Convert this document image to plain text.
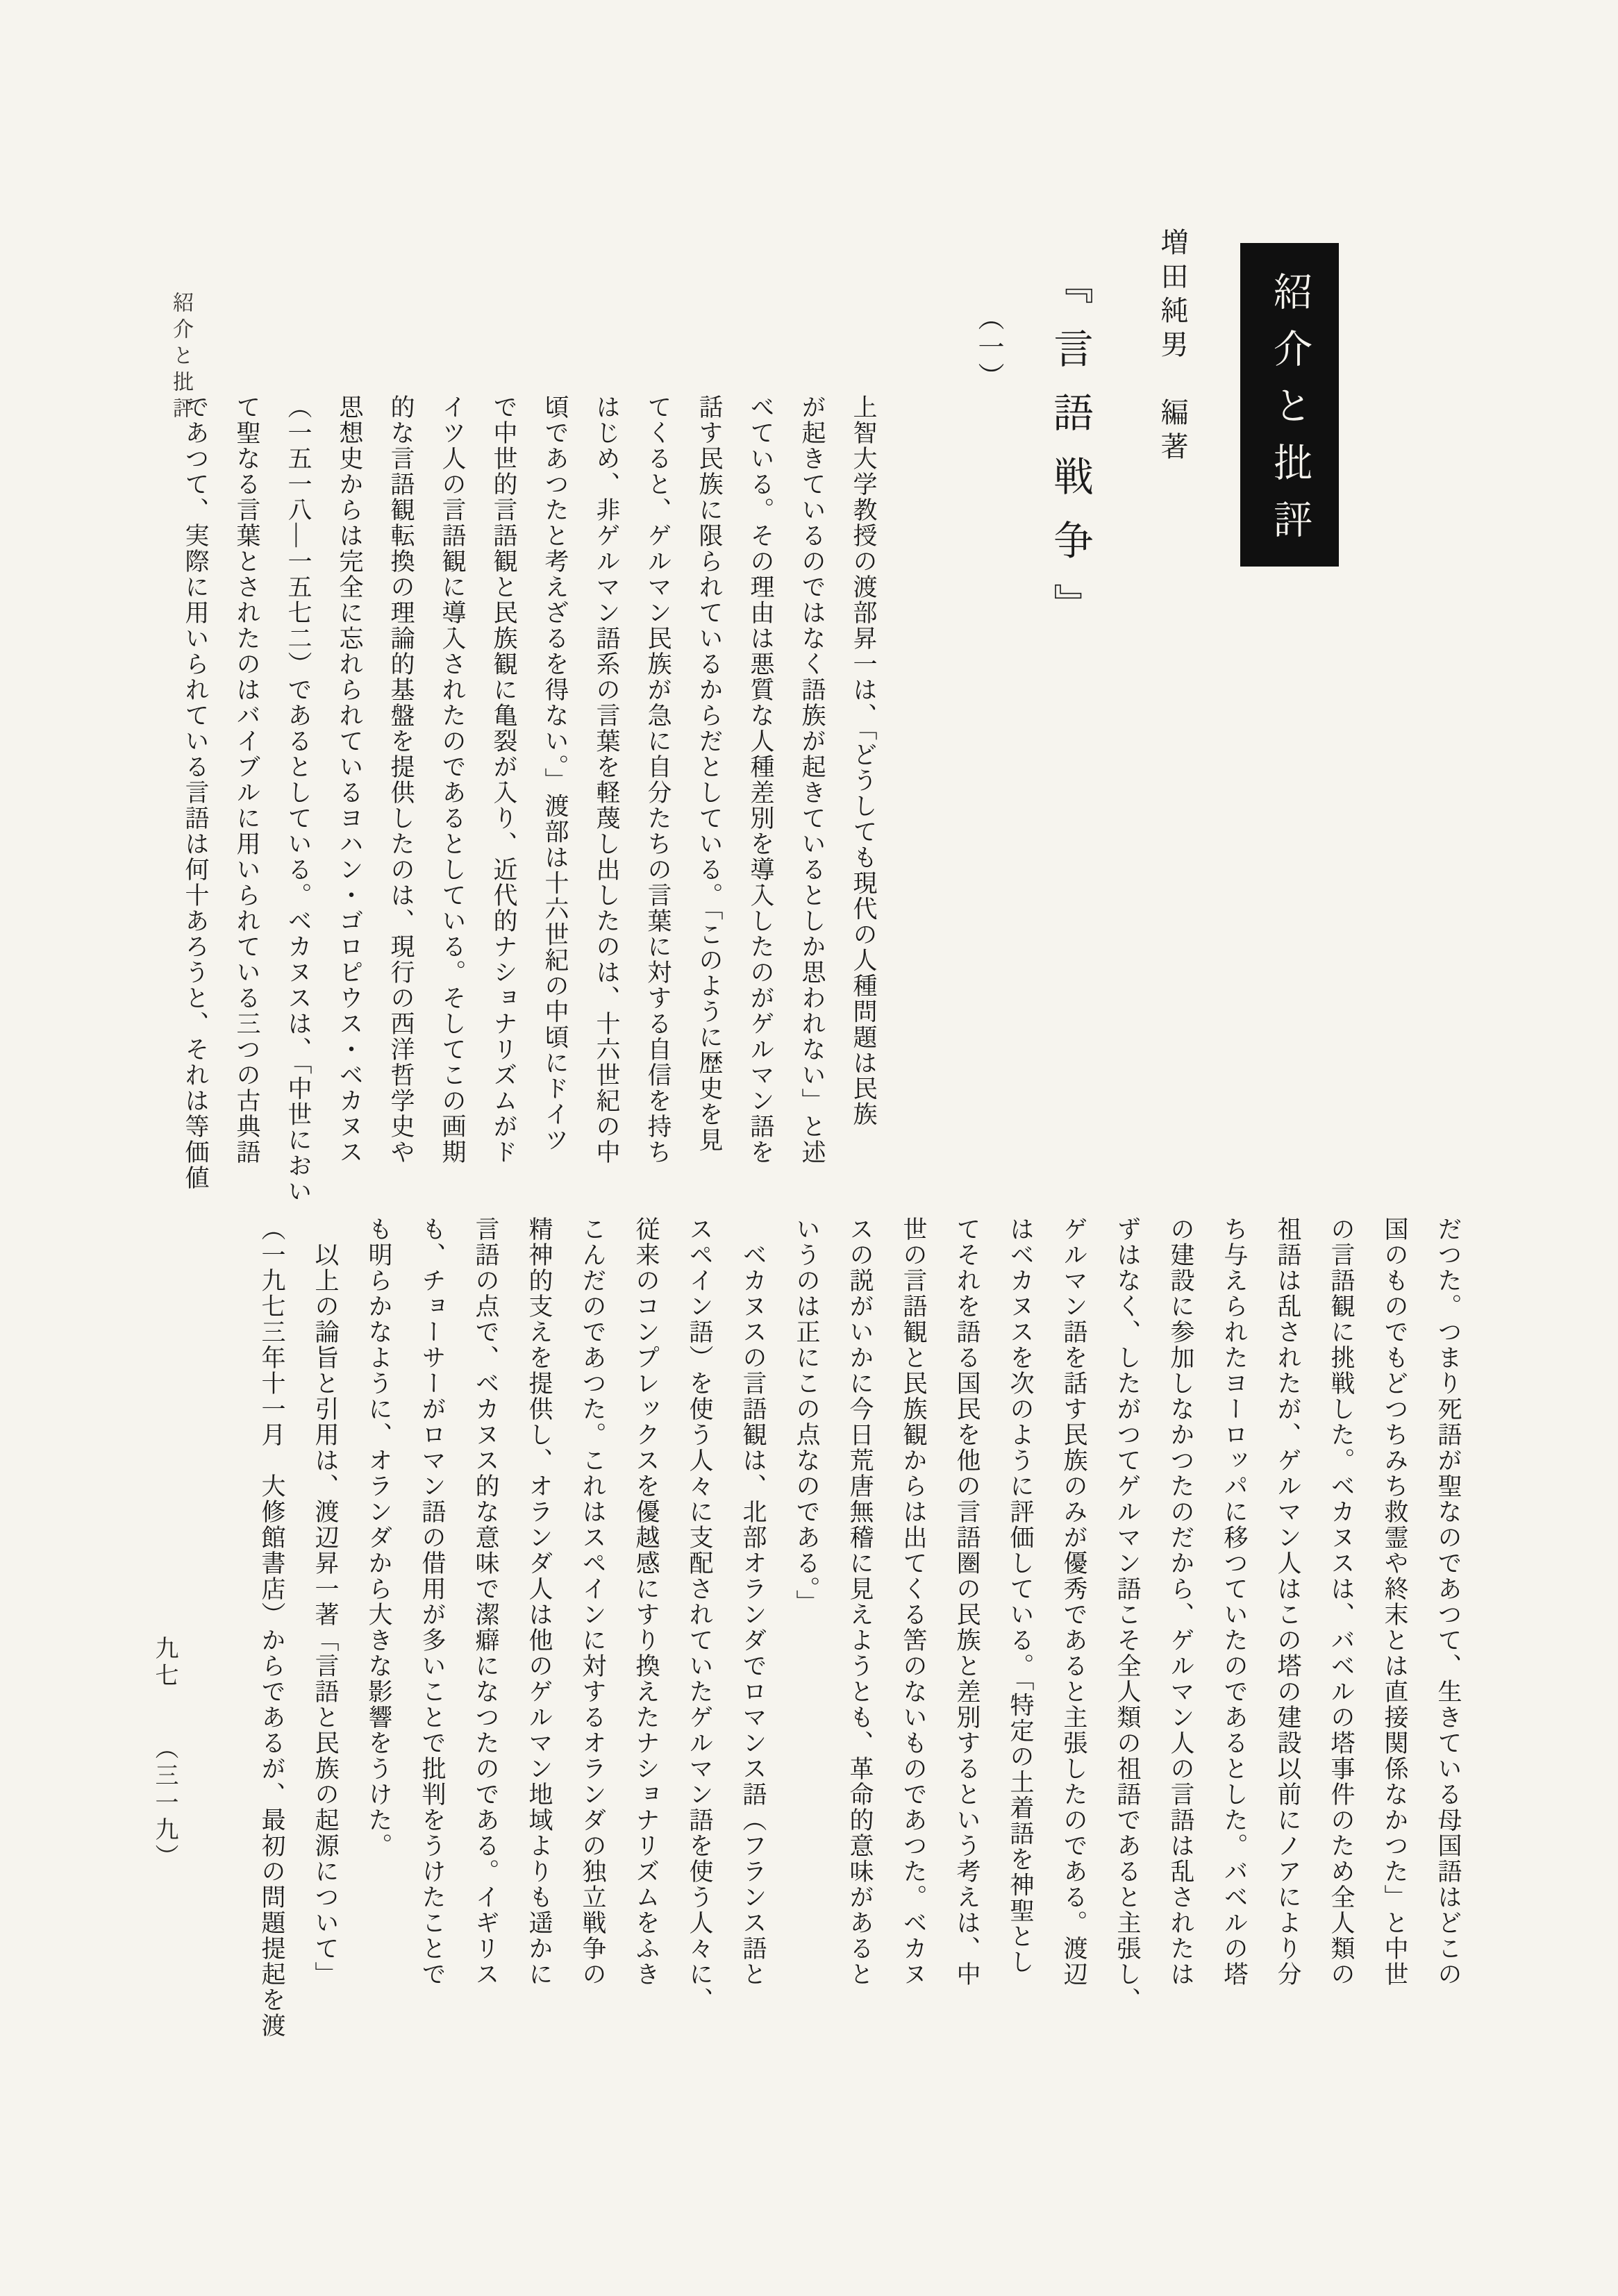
紹介と批評	紹介と批評
増田純男　編著
『言語戦争』
（一）
上智大学教授の渡部昇一は、「どうしても現代の人種問題は民族
が起きているのではなく語族が起きているとしか思われない」と述
べている。その理由は悪質な人種差別を導入したのがゲルマン語を
話す民族に限られているからだとしている。「このように歴史を見
てくると、ゲルマン民族が急に自分たちの言葉に対する自信を持ち
はじめ、非ゲルマン語系の言葉を軽蔑し出したのは、十六世紀の中
頃であつたと考えざるを得ない。」渡部は十六世紀の中頃にドイツ
で中世的言語観と民族観に亀裂が入り、近代的ナショナリズムがド
イツ人の言語観に導入されたのであるとしている。そしてこの画期
的な言語観転換の理論的基盤を提供したのは、現行の西洋哲学史や
思想史からは完全に忘れられているヨハン・ゴロピウス・ベカヌス
（一五一八―一五七二）であるとしている。ベカヌスは、「中世におい
て聖なる言葉とされたのはバイブルに用いられている三つの古典語
であつて、実際に用いられている言語は何十あろうと、それは等価値
だつた。つまり死語が聖なのであつて、生きている母国語はどこの
国のものでもどつちみち救霊や終末とは直接関係なかつた」と中世
の言語観に挑戦した。ベカヌスは、バベルの塔事件のため全人類の
祖語は乱されたが、ゲルマン人はこの塔の建設以前にノアにより分
ち与えられたヨーロッパに移つていたのであるとした。バベルの塔
の建設に参加しなかつたのだから、ゲルマン人の言語は乱されたは
ずはなく、したがつてゲルマン語こそ全人類の祖語であると主張し、
ゲルマン語を話す民族のみが優秀であると主張したのである。渡辺
はベカヌスを次のように評価している。「特定の土着語を神聖とし
てそれを語る国民を他の言語圏の民族と差別するという考えは、中
世の言語観と民族観からは出てくる筈のないものであつた。ベカヌ
スの説がいかに今日荒唐無稽に見えようとも、革命的意味があると
いうのは正にこの点なのである。」
　ベカヌスの言語観は、北部オランダでロマンス語（フランス語と
スペイン語）を使う人々に支配されていたゲルマン語を使う人々に、
従来のコンプレックスを優越感にすり換えたナショナリズムをふき
こんだのであつた。これはスペインに対するオランダの独立戦争の
精神的支えを提供し、オランダ人は他のゲルマン地域よりも遥かに
言語の点で、ベカヌス的な意味で潔癖になつたのである。イギリス
も、チョーサーがロマン語の借用が多いことで批判をうけたことで
も明らかなように、オランダから大きな影響をうけた。
　以上の論旨と引用は、渡辺昇一著「言語と民族の起源について」
（一九七三年十一月　大修館書店）からであるが、最初の問題提起を渡
九七 （三一九）
